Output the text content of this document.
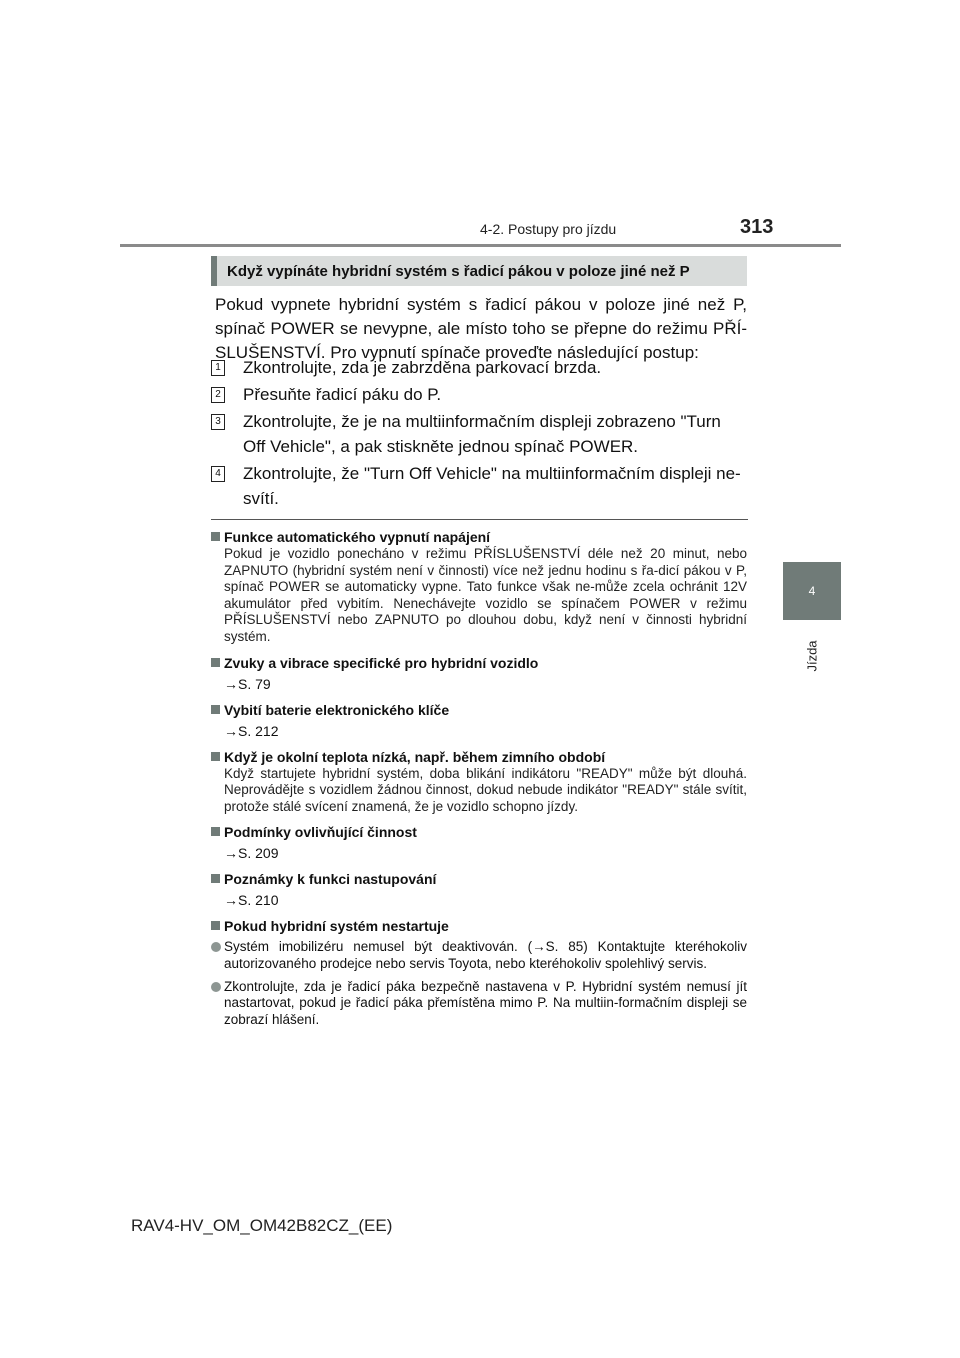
4-2. Postupy pro jízdu	313
4
Jízda
Když vypínáte hybridní systém s řadicí pákou v poloze jiné než P
Pokud vypnete hybridní systém s řadicí pákou v poloze jiné než P, spínač POWER se nevypne, ale místo toho se přepne do režimu PŘÍ-SLUŠENSTVÍ. Pro vypnutí spínače proveďte následující postup:
1 Zkontrolujte, zda je zabrzděna parkovací brzda.
2 Přesuňte řadicí páku do P.
3 Zkontrolujte, že je na multiinformačním displeji zobrazeno "Turn Off Vehicle", a pak stiskněte jednou spínač POWER.
4 Zkontrolujte, že "Turn Off Vehicle" na multiinformačním displeji ne-svítí.
Funkce automatického vypnutí napájení
Pokud je vozidlo ponecháno v režimu PŘÍSLUŠENSTVÍ déle než 20 minut, nebo ZAPNUTO (hybridní systém není v činnosti) více než jednu hodinu s řa-dicí pákou v P, spínač POWER se automaticky vypne. Tato funkce však ne-může zcela ochránit 12V akumulátor před vybitím. Nenechávejte vozidlo se spínačem POWER v režimu PŘÍSLUŠENSTVÍ nebo ZAPNUTO po dlouhou dobu, když není v činnosti hybridní systém.
Zvuky a vibrace specifické pro hybridní vozidlo
→S. 79
Vybití baterie elektronického klíče
→S. 212
Když je okolní teplota nízká, např. během zimního období
Když startujete hybridní systém, doba blikání indikátoru "READY" může být dlouhá. Neprovádějte s vozidlem žádnou činnost, dokud nebude indikátor "READY" stále svítit, protože stálé svícení znamená, že je vozidlo schopno jízdy.
Podmínky ovlivňující činnost
→S. 209
Poznámky k funkci nastupování
→S. 210
Pokud hybridní systém nestartuje
Systém imobilizéru nemusel být deaktivován. (→S. 85) Kontaktujte kteréhokoliv autorizovaného prodejce nebo servis Toyota, nebo kteréhokoliv spolehlivý servis.
Zkontrolujte, zda je řadicí páka bezpečně nastavena v P. Hybridní systém nemusí jít nastartovat, pokud je řadicí páka přemístěna mimo P. Na multiin-formačním displeji se zobrazí hlášení.
RAV4-HV_OM_OM42B82CZ_(EE)
